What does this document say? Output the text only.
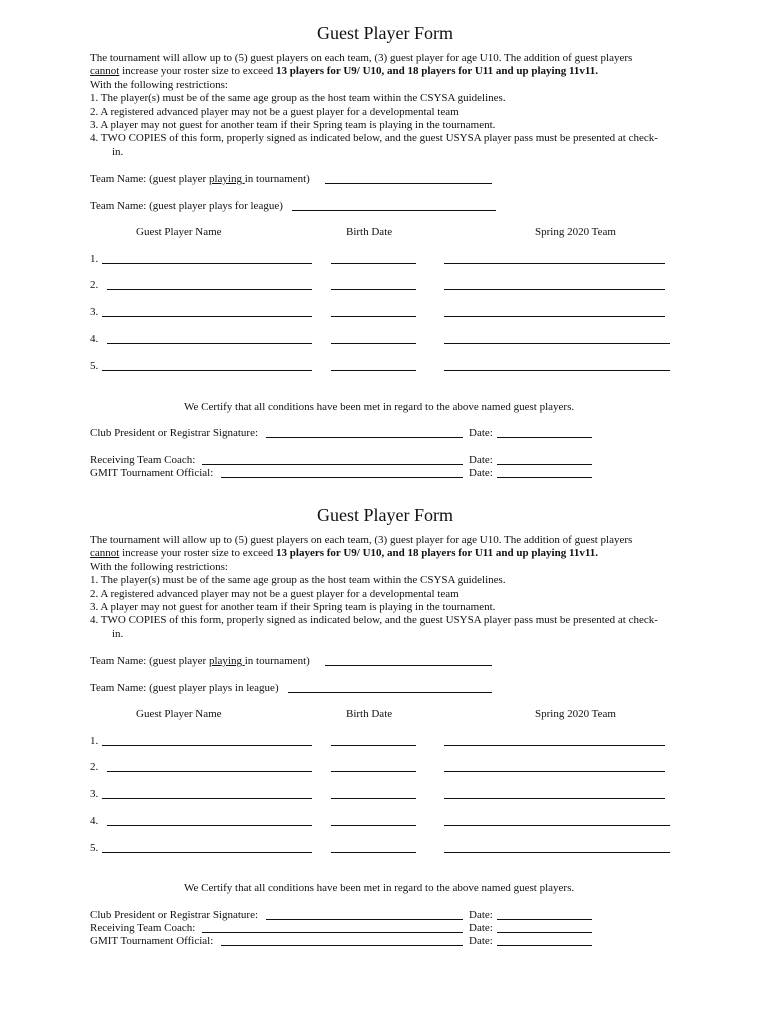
Guest Player Form
The tournament will allow up to (5) guest players on each team, (3) guest player for age U10. The addition of guest players
cannot increase your roster size to exceed 13 players for U9/ U10, and 18 players for U11 and up playing 11v11.
With the following restrictions:
1. The player(s) must be of the same age group as the host team within the CSYSA guidelines.
2. A registered advanced player may not be a guest player for a developmental team
3. A player may not guest for another team if their Spring team is playing in the tournament.
4. TWO COPIES of this form, properly signed as indicated below, and the guest USYSA player pass must be presented at check-
in.
Team Name: (guest player playing in tournament)
Team Name: (guest player plays for league)
Guest Player Name	Birth Date	Spring 2020 Team
1.
2.
3.
4.
5.
We Certify that all conditions have been met in regard to the above named guest players.
Club President or Registrar Signature:	Date:
Receiving Team Coach:	Date:
GMIT Tournament Official:	Date:
Guest Player Form
The tournament will allow up to (5) guest players on each team, (3) guest player for age U10. The addition of guest players
cannot increase your roster size to exceed 13 players for U9/ U10, and 18 players for U11 and up playing 11v11.
With the following restrictions:
1. The player(s) must be of the same age group as the host team within the CSYSA guidelines.
2. A registered advanced player may not be a guest player for a developmental team
3. A player may not guest for another team if their Spring team is playing in the tournament.
4. TWO COPIES of this form, properly signed as indicated below, and the guest USYSA player pass must be presented at check-
in.
Team Name: (guest player playing in tournament)
Team Name: (guest player plays in league)
Guest Player Name	Birth Date	Spring 2020 Team
1.
2.
3.
4.
5.
We Certify that all conditions have been met in regard to the above named guest players.
Club President or Registrar Signature:	Date:
Receiving Team Coach:	Date:
GMIT Tournament Official:	Date:
